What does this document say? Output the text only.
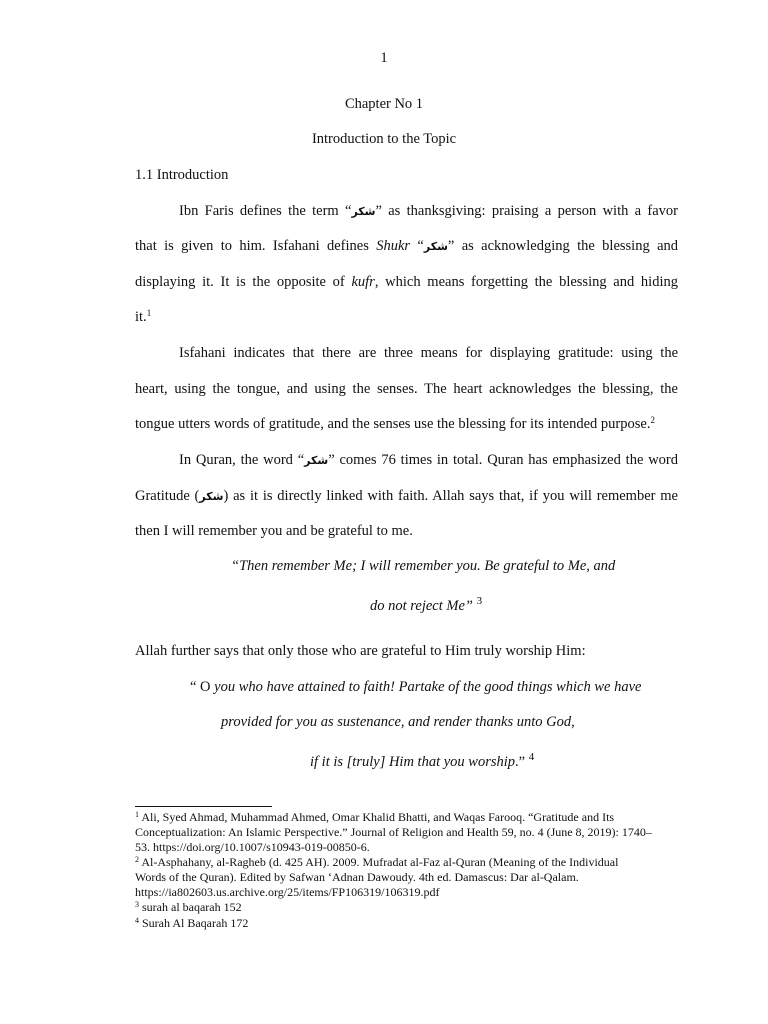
1
Chapter No 1
Introduction to the Topic
1.1 Introduction
Ibn Faris defines the term “شكر” as thanksgiving: praising a person with a favor
that is given to him. Isfahani defines Shukr “شكر” as acknowledging the blessing and
displaying it. It is the opposite of kufr, which means forgetting the blessing and hiding
it.$^1$
Isfahani indicates that there are three means for displaying gratitude: using the
heart, using the tongue, and using the senses. The heart acknowledges the blessing, the
tongue utters words of gratitude, and the senses use the blessing for its intended purpose.$^2$
In Quran, the word “شكر” comes 76 times in total. Quran has emphasized the word
Gratitude (شكر) as it is directly linked with faith. Allah says that, if you will remember me
then I will remember you and be grateful to me.
“Then remember Me; I will remember you. Be grateful to Me, and
do not reject Me” $^3$
Allah further says that only those who are grateful to Him truly worship Him:
“ O you who have attained to faith! Partake of the good things which we have
provided for you as sustenance, and render thanks unto God,
if it is [truly] Him that you worship.” $^4$
$^1$ Ali, Syed Ahmad, Muhammad Ahmed, Omar Khalid Bhatti, and Waqas Farooq. “Gratitude and Its
Conceptualization: An Islamic Perspective.” Journal of Religion and Health 59, no. 4 (June 8, 2019): 1740–
53. https://doi.org/10.1007/s10943-019-00850-6.
$^2$ Al-Asphahany, al-Ragheb (d. 425 AH). 2009. Mufradat al-Faz al-Quran (Meaning of the Individual
Words of the Quran). Edited by Safwan ʻAdnan Dawoudy. 4th ed. Damascus: Dar al-Qalam.
https://ia802603.us.archive.org/25/items/FP106319/106319.pdf
$^3$ surah al baqarah 152
$^4$ Surah Al Baqarah 172
